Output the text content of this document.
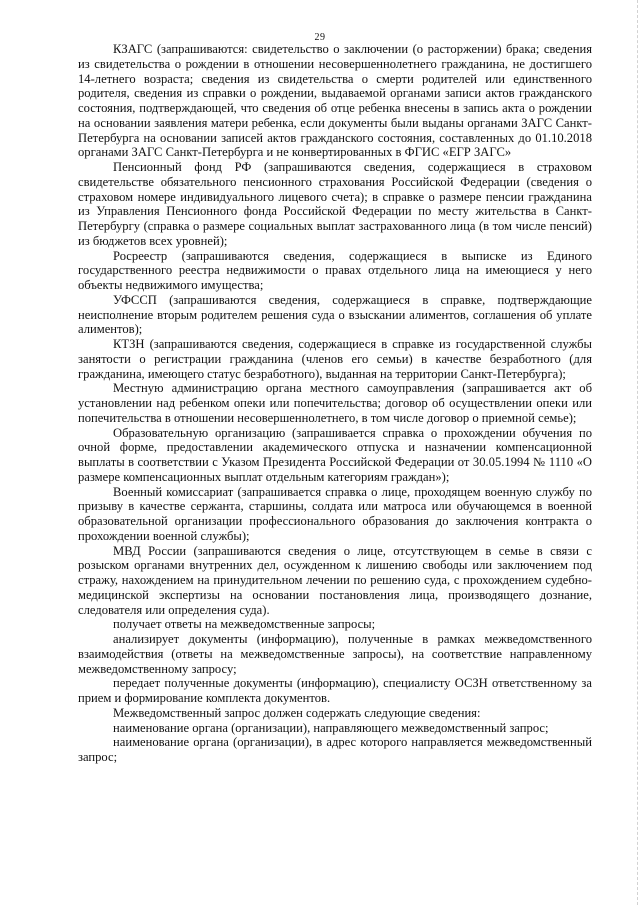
29

КЗАГС (запрашиваются: свидетельство о заключении (о расторжении) брака; сведения из свидетельства о рождении в отношении несовершеннолетнего гражданина, не достигшего 14-летнего возраста; сведения из свидетельства о смерти родителей или единственного родителя, сведения из справки о рождении, выдаваемой органами записи актов гражданского состояния, подтверждающей, что сведения об отце ребенка внесены в запись акта о рождении на основании заявления матери ребенка, если документы были выданы органами ЗАГС Санкт-Петербурга на основании записей актов гражданского состояния, составленных до 01.10.2018 органами ЗАГС Санкт-Петербурга и не конвертированных в ФГИС «ЕГР ЗАГС»

Пенсионный фонд РФ (запрашиваются сведения, содержащиеся в страховом свидетельстве обязательного пенсионного страхования Российской Федерации (сведения о страховом номере индивидуального лицевого счета); в справке о размере пенсии гражданина из Управления Пенсионного фонда Российской Федерации по месту жительства в Санкт-Петербургу (справка о размере социальных выплат застрахованного лица (в том числе пенсий) из бюджетов всех уровней);

Росреестр (запрашиваются сведения, содержащиеся в выписке из Единого государственного реестра недвижимости о правах отдельного лица на имеющиеся у него объекты недвижимого имущества;

УФССП (запрашиваются сведения, содержащиеся в справке, подтверждающие неисполнение вторым родителем решения суда о взыскании алиментов, соглашения об уплате алиментов);

КТЗН (запрашиваются сведения, содержащиеся в справке из государственной службы занятости о регистрации гражданина (членов его семьи) в качестве безработного (для гражданина, имеющего статус безработного), выданная на территории Санкт-Петербурга);

Местную администрацию органа местного самоуправления (запрашивается акт об установлении над ребенком опеки или попечительства; договор об осуществлении опеки или попечительства в отношении несовершеннолетнего, в том числе договор о приемной семье);

Образовательную организацию (запрашивается справка о прохождении обучения по очной форме, предоставлении академического отпуска и назначении компенсационной выплаты в соответствии с Указом Президента Российской Федерации от 30.05.1994 № 1110 «О размере компенсационных выплат отдельным категориям граждан»);

Военный комиссариат (запрашивается справка о лице, проходящем военную службу по призыву в качестве сержанта, старшины, солдата или матроса или обучающемся в военной образовательной организации профессионального образования до заключения контракта о прохождении военной службы);

МВД России (запрашиваются сведения о лице, отсутствующем в семье в связи с розыском органами внутренних дел, осужденном к лишению свободы или заключением под стражу, нахождением на принудительном лечении по решению суда, с прохождением судебно-медицинской экспертизы на основании постановления лица, производящего дознание, следователя или определения суда).

получает ответы на межведомственные запросы;

анализирует документы (информацию), полученные в рамках межведомственного взаимодействия (ответы на межведомственные запросы), на соответствие направленному межведомственному запросу;

передает полученные документы (информацию), специалисту ОСЗН ответственному за прием и формирование комплекта документов.

Межведомственный запрос должен содержать следующие сведения:

наименование органа (организации), направляющего межведомственный запрос;

наименование органа (организации), в адрес которого направляется межведомственный запрос;
